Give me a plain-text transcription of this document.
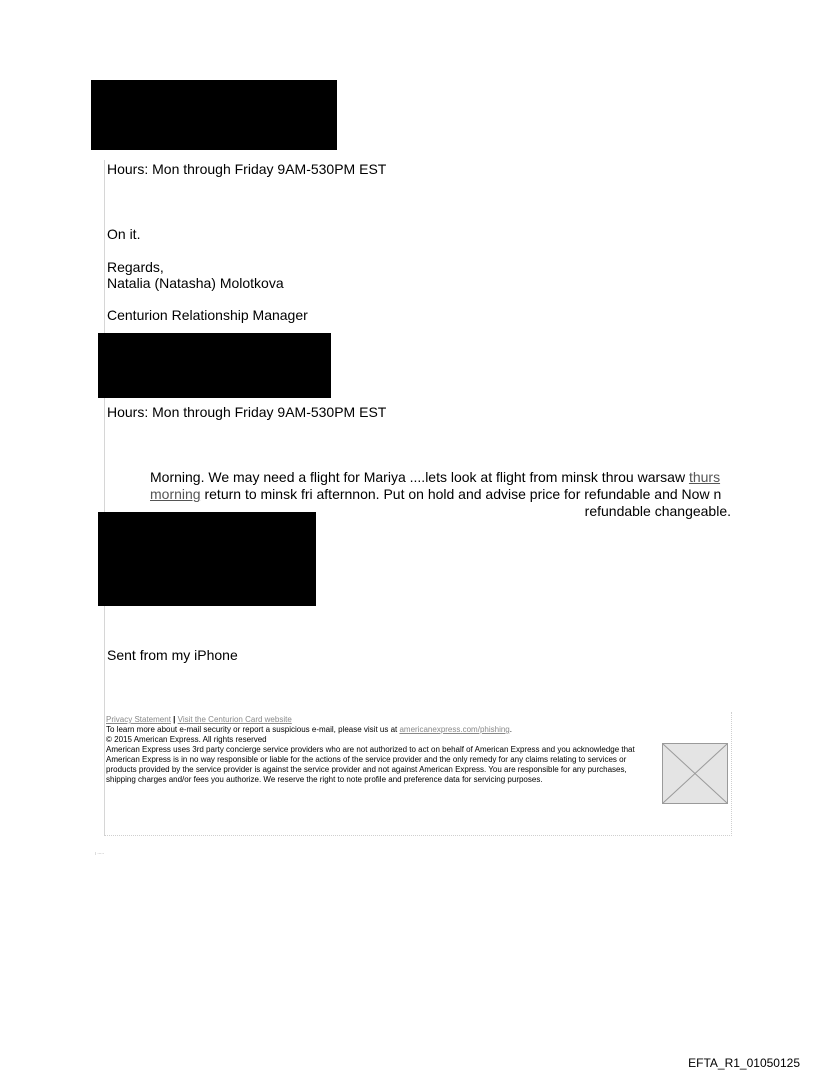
Hours: Mon through Friday 9AM-530PM EST
On it.
Regards,
Natalia (Natasha) Molotkova
Centurion Relationship Manager
Hours: Mon through Friday 9AM-530PM EST
Morning. We may need a flight for Mariya ....lets look at flight from minsk throu warsaw thurs
morning return to minsk fri afternnon. Put on hold and advise price for refundable and Now n
refundable changeable.
Sent from my iPhone
Privacy Statement | Visit the Centurion Card website
To learn more about e-mail security or report a suspicious e-mail, please visit us at americanexpress.com/phishing.
© 2015 American Express. All rights reserved
American Express uses 3rd party concierge service providers who are not authorized to act on behalf of American Express and you acknowledge that American Express is in no way responsible or liable for the actions of the service provider and the only remedy for any claims relating to services or products provided by the service provider is against the service provider and not against American Express. You are responsible for any purchases, shipping charges and/or fees you authorize. We reserve the right to note profile and preference data for servicing purposes.
⁝ ·····
EFTA_R1_01050125
